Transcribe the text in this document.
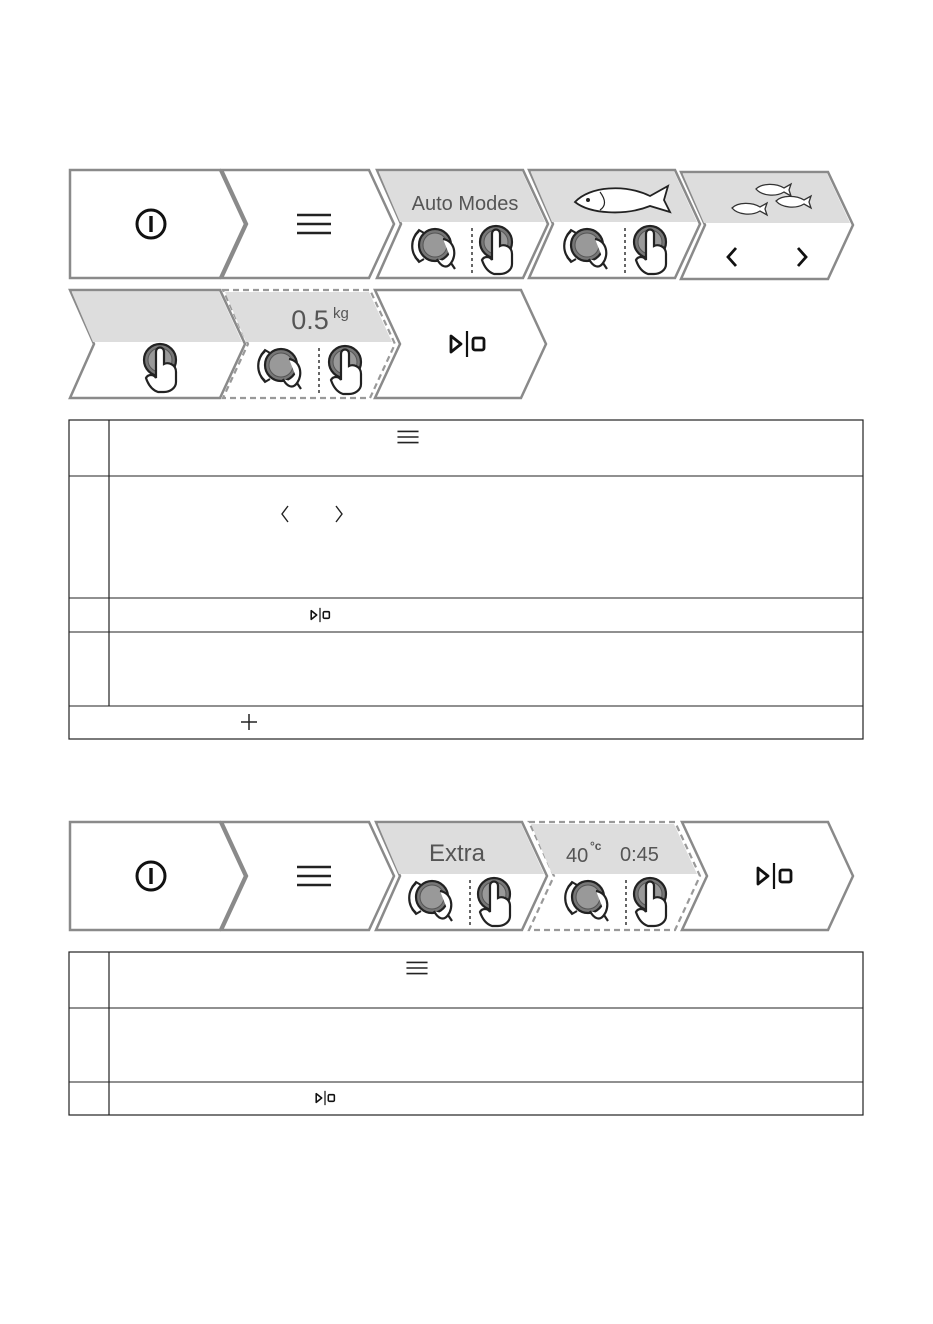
Auto Modes
0.5 kg
Extra	40 °c 0:45
